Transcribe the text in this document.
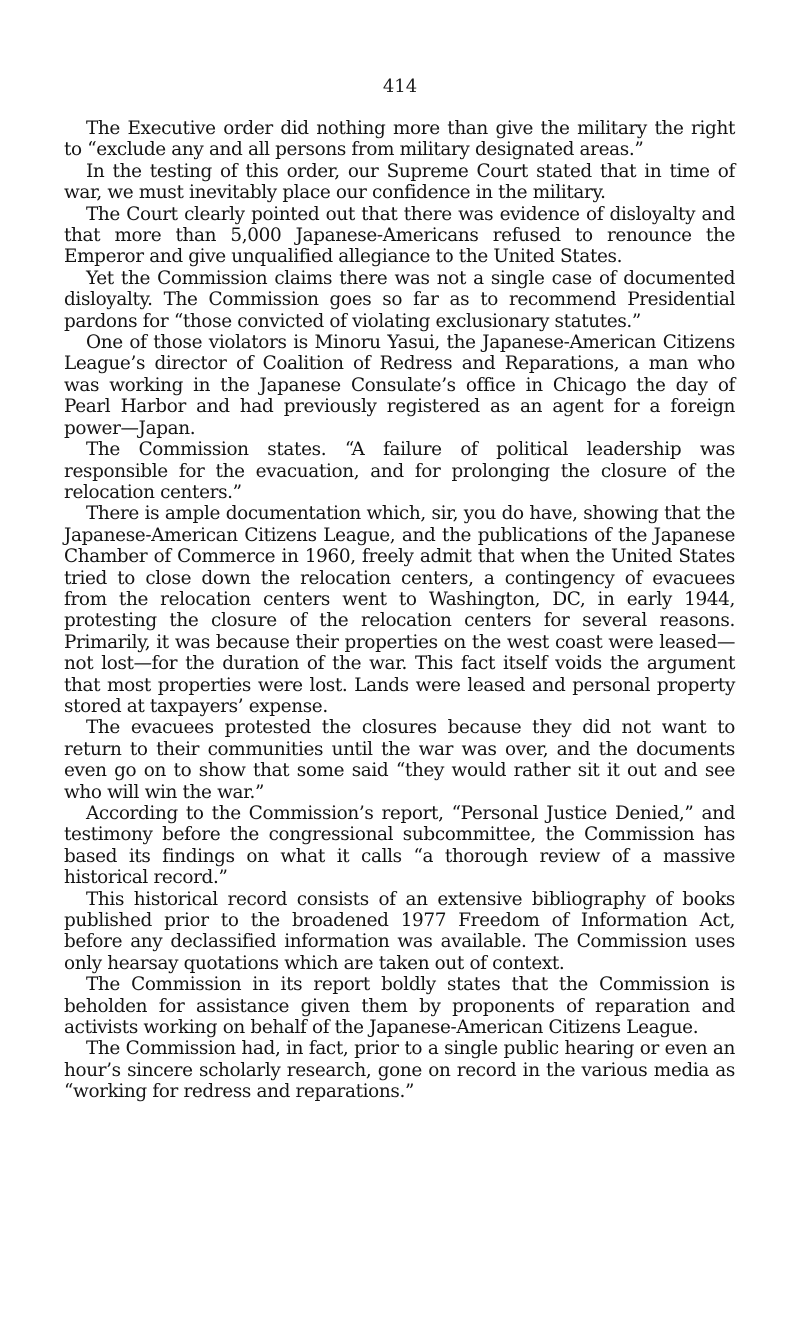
414

The Executive order did nothing more than give the military the right to “exclude any and all persons from military designated areas.”

In the testing of this order, our Supreme Court stated that in time of war, we must inevitably place our confidence in the military.

The Court clearly pointed out that there was evidence of disloyalty and that more than 5,000 Japanese-Americans refused to renounce the Emperor and give unqualified allegiance to the United States.

Yet the Commission claims there was not a single case of documented disloyalty. The Commission goes so far as to recommend Presidential pardons for “those convicted of violating exclusionary statutes.”

One of those violators is Minoru Yasui, the Japanese-American Citizens League’s director of Coalition of Redress and Reparations, a man who was working in the Japanese Consulate’s office in Chicago the day of Pearl Harbor and had previously registered as an agent for a foreign power—Japan.

The Commission states. “A failure of political leadership was responsible for the evacuation, and for prolonging the closure of the relocation centers.”

There is ample documentation which, sir, you do have, showing that the Japanese-American Citizens League, and the publications of the Japanese Chamber of Commerce in 1960, freely admit that when the United States tried to close down the relocation centers, a contingency of evacuees from the relocation centers went to Washington, DC, in early 1944, protesting the closure of the relocation centers for several reasons. Primarily, it was because their properties on the west coast were leased—not lost—for the duration of the war. This fact itself voids the argument that most properties were lost. Lands were leased and personal property stored at taxpayers’ expense.

The evacuees protested the closures because they did not want to return to their communities until the war was over, and the documents even go on to show that some said “they would rather sit it out and see who will win the war.”

According to the Commission’s report, “Personal Justice Denied,” and testimony before the congressional subcommittee, the Commission has based its findings on what it calls “a thorough review of a massive historical record.”

This historical record consists of an extensive bibliography of books published prior to the broadened 1977 Freedom of Information Act, before any declassified information was available. The Commission uses only hearsay quotations which are taken out of context.

The Commission in its report boldly states that the Commission is beholden for assistance given them by proponents of reparation and activists working on behalf of the Japanese-American Citizens League.

The Commission had, in fact, prior to a single public hearing or even an hour’s sincere scholarly research, gone on record in the various media as “working for redress and reparations.”
